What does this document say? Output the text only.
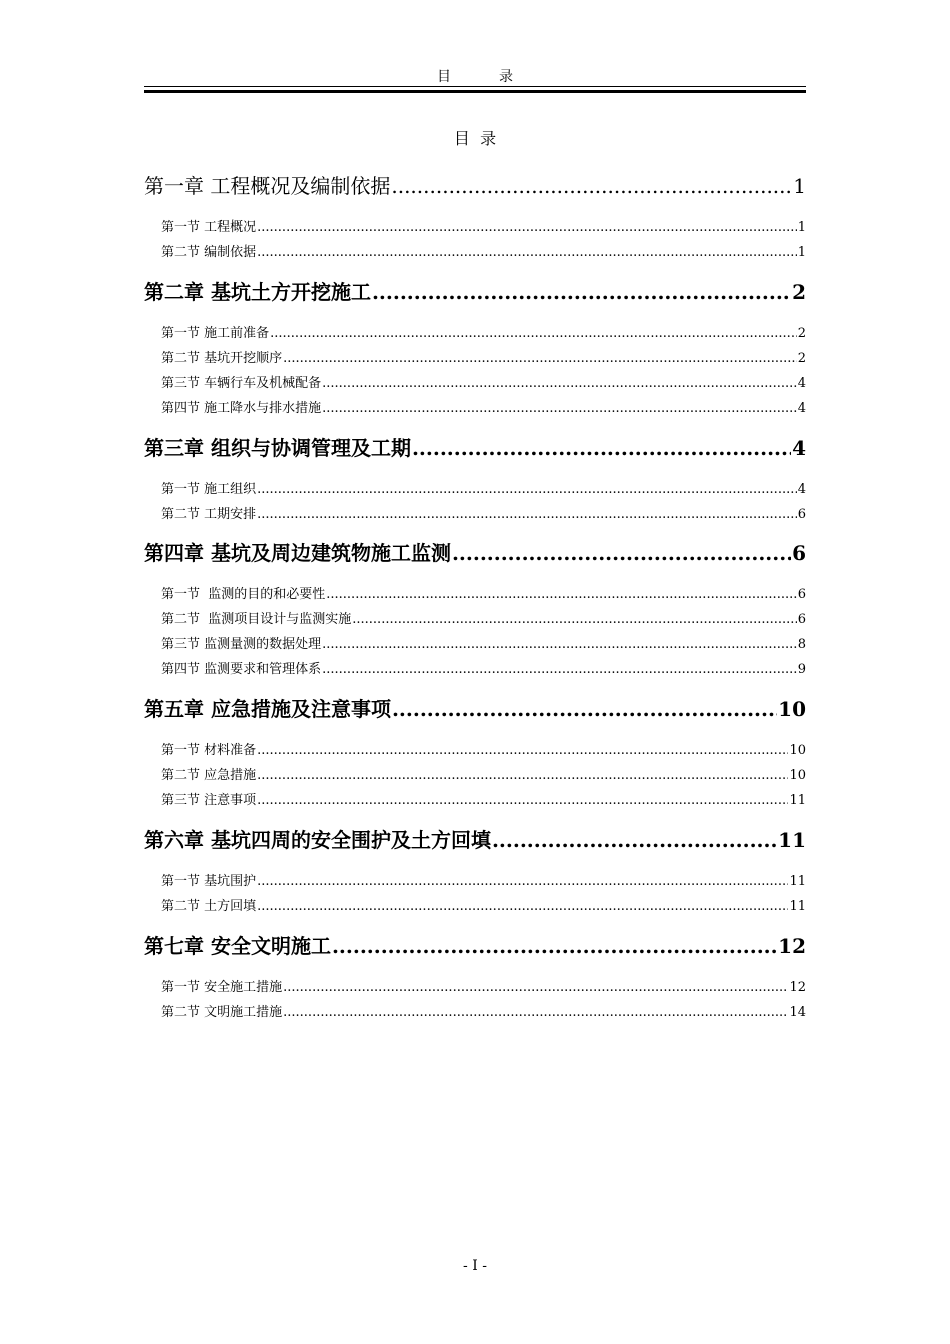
目	录
目  录
第一章 工程概况及编制依据 .....	1
第一节 工程概况 .....	1
第二节 编制依据 .....	1
第二章 基坑土方开挖施工 .....	2
第一节 施工前准备 .....	2
第二节 基坑开挖顺序 .....	2
第三节 车辆行车及机械配备 .....	4
第四节 施工降水与排水措施 .....	4
第三章 组织与协调管理及工期 .....	4
第一节 施工组织 .....	4
第二节 工期安排 .....	6
第四章 基坑及周边建筑物施工监测 .....	6
第一节  监测的目的和必要性 .....	6
第二节  监测项目设计与监测实施 .....	6
第三节 监测量测的数据处理 .....	8
第四节 监测要求和管理体系 .....	9
第五章 应急措施及注意事项 .....	10
第一节 材料准备 .....	10
第二节 应急措施 .....	10
第三节 注意事项 .....	11
第六章 基坑四周的安全围护及土方回填 .....	11
第一节 基坑围护 .....	11
第二节 土方回填 .....	11
第七章 安全文明施工 .....	12
第一节 安全施工措施 .....	12
第二节 文明施工措施 .....	14
- I -
